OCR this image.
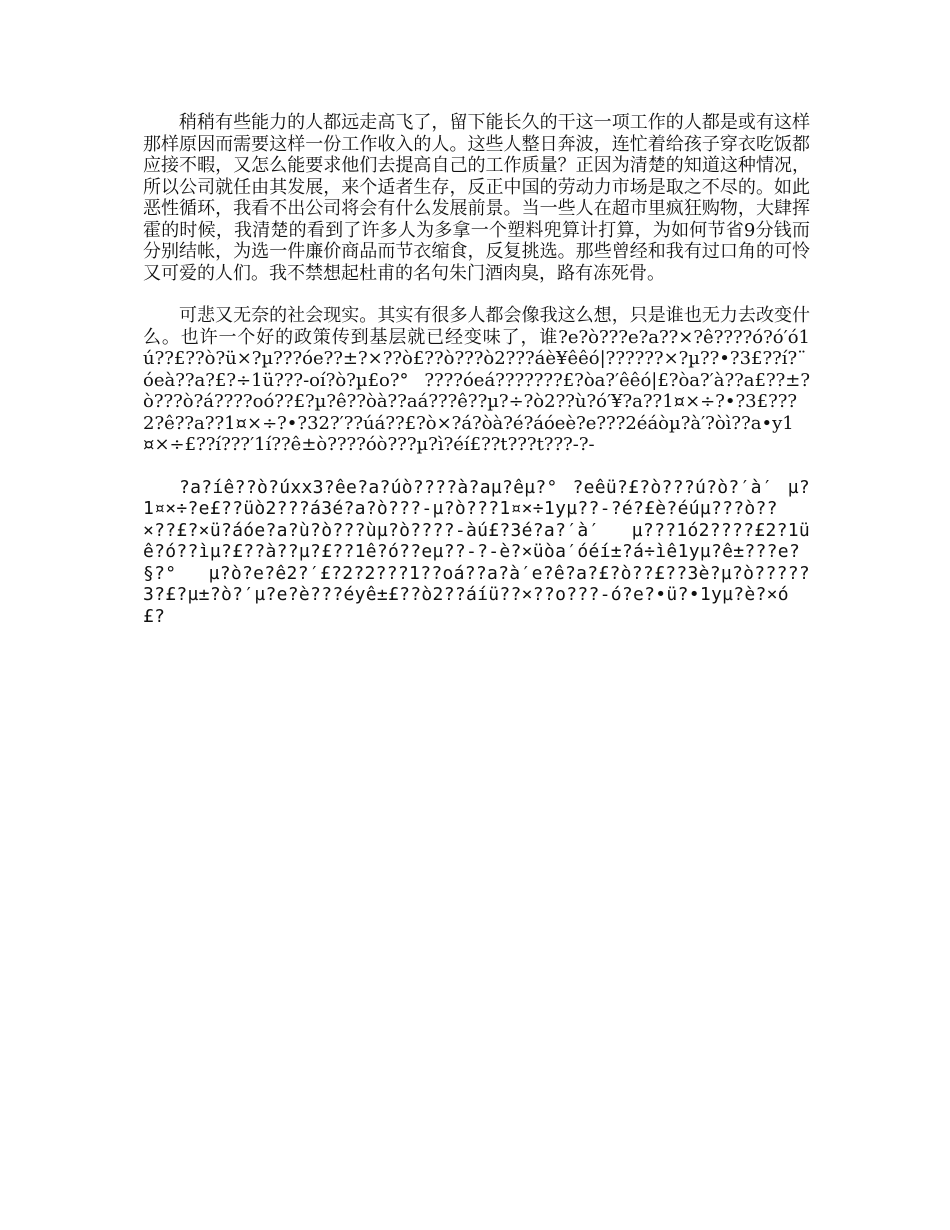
稍稍有些能力的人都远走高飞了，留下能长久的干这一项工作的人都是或有这样那样原因而需要这样一份工作收入的人。这些人整日奔波，连忙着给孩子穿衣吃饭都应接不暇，又怎么能要求他们去提高自己的工作质量？正因为清楚的知道这种情况，所以公司就任由其发展，来个适者生存，反正中国的劳动力市场是取之不尽的。如此恶性循环，我看不出公司将会有什么发展前景。当一些人在超市里疯狂购物，大肆挥霍的时候，我清楚的看到了许多人为多拿一个塑料兜算计打算，为如何节省9分钱而分别结帐，为选一件廉价商品而节衣缩食，反复挑选。那些曾经和我有过口角的可怜又可爱的人们。我不禁想起杜甫的名句朱门酒肉臭，路有冻死骨。

可悲又无奈的社会现实。其实有很多人都会像我这么想，只是谁也无力去改变什么。也许一个好的政策传到基层就已经变味了，谁?e?ò???e?a??×?ê????ó?ó′ó1ú??£??ò?ü×?µ???óe??±?×??ò£??ò???ò2???áè¥êêó|??????×?µ??•?3£??í?¨óeà??a?£?÷1ü???-oí?ò?µ£o?° ????óeá???????£?òa?′êêó|£?òa?′à??a£??±?ò???ò?á????oó??£?µ?ê??òà??aá???ê??µ?÷?ò2??ù?ó′¥?a??1¤×÷?•?3£???2?ê??a??1¤×÷?•?32?′??úá??£?ò×?á?òà?é?áóeè?e???2éáòµ?à′?òì??a•y1¤×÷£??í???′1í??ê±ò????óò???µ?ì?éí£??t???t???-?-

?a?íê??ò?úxx3?êe?a?úò????à?aµ?êµ?° ?eêü?£?ò???ú?ò?′à′ µ?1¤×÷?e£??üò2???á3é?a?ò???-µ?ò???1¤×÷1yµ??-?é?£è?éúµ???ò??×??£?×ü?áóe?a?ù?ò???ùµ?ò????-àú£?3é?a?′à′ µ???1ó2????£2?1üê?ó??ìµ?£??à??µ?£??1ê?ó??eµ??-?-è?×üòa′óéí±?á÷ìê1yµ?ê±???e?§?° µ?ò?e?ê2?′£?2?2???1??oá??a?à′e?ê?a?£?ò??£??3è?µ?ò?????3?£?µ±?ò?′µ?e?è???éyê±£??ò2??áíü??×??o???-ó?e?•ü?•1yµ?è?×ó£?
